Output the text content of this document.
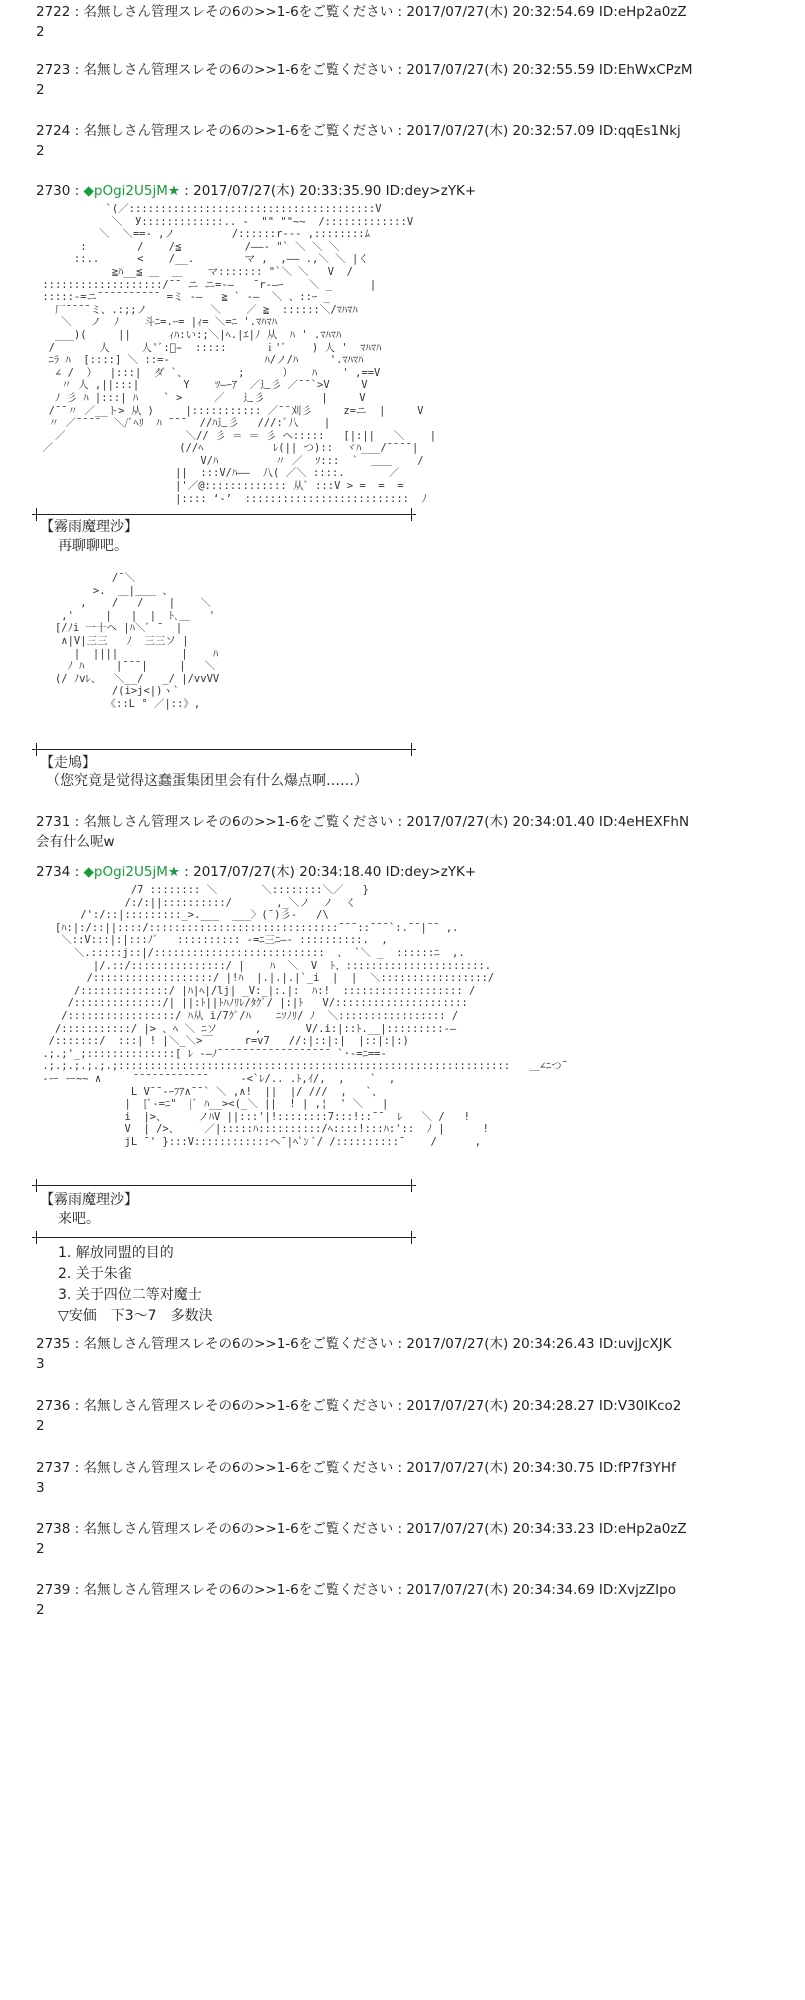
2722 : 名無しさん管理スレその6の>>1-6をご覧ください : 2017/07/27(木) 20:32:54.69 ID:eHp2a0zZ
2
2723 : 名無しさん管理スレその6の>>1-6をご覧ください : 2017/07/27(木) 20:32:55.59 ID:EhWxCPzM
2
2724 : 名無しさん管理スレその6の>>1-6をご覧ください : 2017/07/27(木) 20:32:57.09 ID:qqEs1Nkj
2
2730 : ◆pOgi2U5jM★ : 2017/07/27(木) 20:33:35.90 ID:dey>zYK+
`(／:::::::::::::::::::::::::::::::::::::::V
＼  У:::::::::::::.. -  "" ""~~  /:::::::::::::V
＼  ＼==- ,ノ         /::::::r--- ,::::::::ﾑ
:        /    /≦          /——‐ "` ＼ ＼ ＼
::..      <    /__.        マ ,  ,—— .,＼ ＼ |く
≧ﾊ__≦ ＿  ＿    マ::::::: "`＼ ＼   V  /
:::::::::::::::::::/¯¯ ニ ニ=-—   ̄ r‐—ｰ    ＼ _      |
:::::-=ニ¯¯¯¯¯¯¯¯¯¯ =ミ ‐—   ≧ ` ‐—  ＼ 、::ｰ _
厂¯¯¯¯ミ、.:;;ノ          ＼    ／ ≧  ::::::＼/ﾏﾊﾏﾊ
＼   ノ  ﾉ    斗ﾆ=.ｰ= |ｨ= ＼=ﾆ '.ﾏﾊﾏﾊ
___)(     ||      ｨﾊ:い:;＼|ﾍ.|ｴ|ﾉ 从  ﾊ ' .ﾏﾊﾏﾊ
/       人     人'ﾞ:ﾟ̵  :::::      ｉ'ﾞ    ) 人 '  ﾏﾊﾏﾊ
ﾆﾗ ﾊ  [::::] ＼ ::=-               ﾊ/ノ/ﾊ     '.ﾏﾊﾏﾊ
∠ /  ）  |:::|  ダ `、        ;      ）   ﾊ    ' ,==V
〃 人 ,||:::|       Y    ﾂ—ｰｱ  ／辶彡 ／¯¯`>V     V
ﾉ 彡 ﾊ |:::| ﾊ    ` >     ／   辶彡         |     V
/¯¯〃 ／__ト> 从 )     |::::::::::: ／¯¯刈彡     z=ニ  |     V
〃 ／¯¯¯¯  ＼/ﾞﾍﾘ  ﾊ ¯¯¯  //ﾊ辶彡   ///:ﾞ八    |
／                   ＼// 彡 ＝ ＝ 彡 ヘ:::::   [|:||   ＼    |
／                    (//ﾍ           ﾚ(|| つ)::  ヾﾊ___/¯¯¯¯|
V/ﾊ         〃 ／  ｿ:::  `  ＿＿    /
||  :::V/ﾊ——  八( ／＼ ::::.       ／
|'／@::::::::::::: 从ﾞ :::V > =  =  =
|:::: ‘‐’  ::::::::::::::::::::::::::  ﾉ
【霧雨魔理沙】
再聊聊吧。
/¯＼
>.  ＿|＿＿ 、
,    /   /    |    ＼
,'     |   |  |  ﾄ､＿   '
[/ﾉi 一十ヘ |ﾊ＼ﾞ ¯  |
∧|V|三三   ﾉ  三三ソ |
|  ||||          |    ﾊ
ﾉ ﾊ     |¯¯¯|     |   ＼
(/ ﾉvﾚ、  ＼__/   _/ |/vvVV
/(i>j<|)ヽ`
《::L ° ／|::》,
【走鳩】
（您究竟是觉得这蠢蛋集团里会有什么爆点啊……）
2731 : 名無しさん管理スレその6の>>1-6をご覧ください : 2017/07/27(木) 20:34:01.40 ID:4eHEXFhN
会有什么呢w
2734 : ◆pOgi2U5jM★ : 2017/07/27(木) 20:34:18.40 ID:dey>zYK+
/7 :::::::: ＼       ＼::::::::＼／   }
/:/:||::::::::::/       ,_＼ノ  ノ  く
/':/::|:::::::::_>.___  ___〉(¯)彡‐   /\
[ﾊ:|:/::||::::/::::::::::::::::::::::::::::::¯¯¯::¯¯¯`:.¯¯|¯¯ ,.
＼::V:::|:|:::ﾉﾞ   :::::::::: -=ﾆ三ﾆ—‐ ::::::::::.  ,
＼.:::::j::|/:::::::::::::::::::::::::::  、 `＼ _  ::::::ﾆ  ,.
|/.::/:::::::::::::::/ |    ﾊ  ＼  V  ﾄ、::::::::::::::::::::::.
/:::::::::::::::::::/ |!ﾊ  |.|.|.|`_i  |  |  ＼:::::::::::::::::/
/::::::::::::::/ |ﾊ|ﾍ|/lj| _V:_|:.|:  ﾊ:!  ::::::::::::::::::: /
/::::::::::::::/| ||:ﾄ||ﾄﾊﾉﾘﾚ/ﾀｸﾞ/ |:|ﾄ   V/:::::::::::::::::::::
/:::::::::::::::::/ ﾊ从 i/7ｸﾞ/ﾊ    ﾆｿﾉﾘ/ ﾉ  ＼::::::::::::::::: /
/:::::::::::/ |> 、ﾍ ＼ ﾆソ      ,       V/.i:|::ﾄ.__|:::::::::-—
/:::::::/  :::| ! |＼_＼>￣     r=v7   //:|::|:|  |::|:|:)
.;.;'_;::::::::::::::[ ﾚ -—ﾉ¯¯¯¯¯¯¯¯¯¯¯¯¯¯¯¯¯¯ `·-=ﾆ==-
.;.;.;.;.;.;::::::::::::::::::::::::::::::::::::::::::::::::::::::::::::::   ＿∠ﾆつ¯
‐ー ー~~ ∧     ¯¯¯¯¯¯¯¯¯¯¯¯     ‐<`ﾚ/.. .ﾄ,ｲ/,  ,    `  ,
L V¯¯‐ｰﾌｱ∧¯¯` ＼ ,∧!  ||  |/ ///  ,   `、
|  [ﾞ-=ﾆ"  |ﾞ ﾊ__><(_＼ ||  ! | ,¦  ' ＼   |
i  |>、     ノﾊV ||:::'|!::::::::7:::!::¯¯  ﾚ   ＼ /   !
V  | />、    ／|:::::ﾊ::::::::::/ﾍ::::!:::ﾊ:'::  ﾉ |      !
jL ¯' }:::V::::::::::::ヘ¯|ﾍﾟﾝ ﾞ/ /::::::::::¯    /      ,
【霧雨魔理沙】
来吧。
1. 解放同盟的目的
2. 关于朱雀
3. 关于四位二等对魔士
▽安価　下3～7　多数決
2735 : 名無しさん管理スレその6の>>1-6をご覧ください : 2017/07/27(木) 20:34:26.43 ID:uvjJcXJK
3
2736 : 名無しさん管理スレその6の>>1-6をご覧ください : 2017/07/27(木) 20:34:28.27 ID:V30IKco2
2
2737 : 名無しさん管理スレその6の>>1-6をご覧ください : 2017/07/27(木) 20:34:30.75 ID:fP7f3YHf
3
2738 : 名無しさん管理スレその6の>>1-6をご覧ください : 2017/07/27(木) 20:34:33.23 ID:eHp2a0zZ
2
2739 : 名無しさん管理スレその6の>>1-6をご覧ください : 2017/07/27(木) 20:34:34.69 ID:XvjzZIpo
2
